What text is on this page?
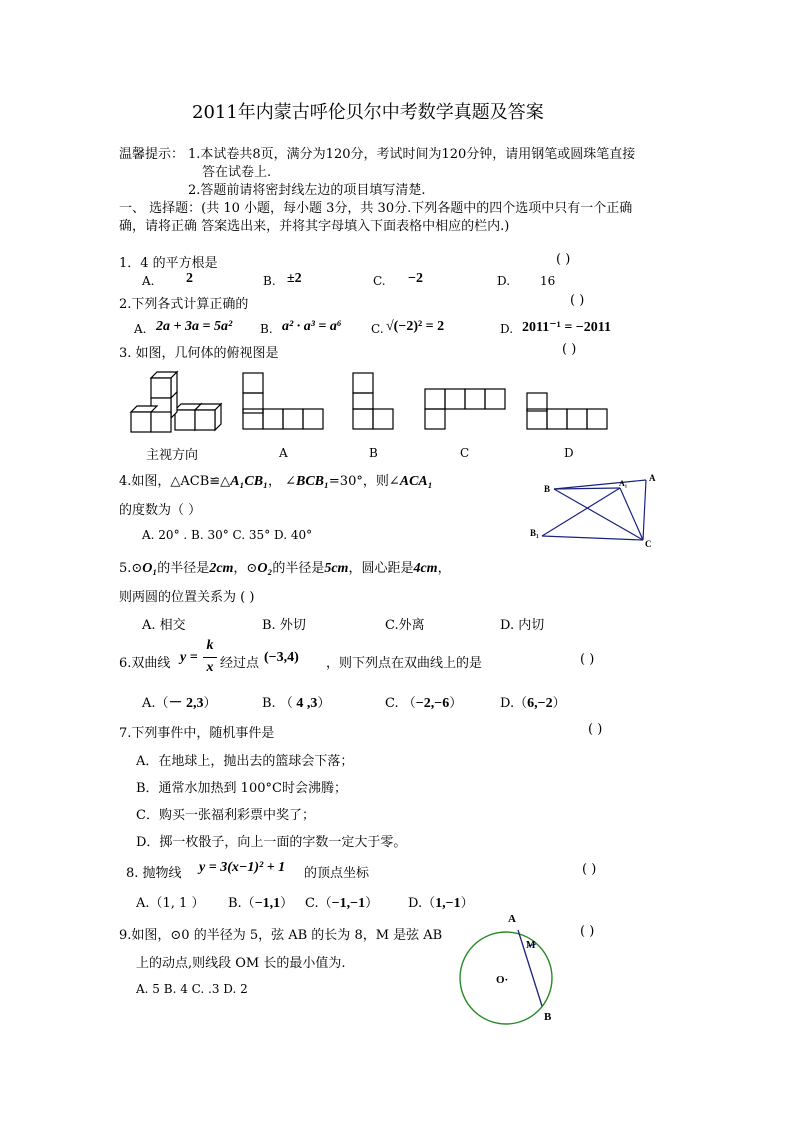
2011年内蒙古呼伦贝尔中考数学真题及答案
温馨提示： 1.本试卷共8页，满分为120分，考试时间为120分钟，请用钢笔或圆珠笔直接
答在试卷上.
2.答题前请将密封线左边的项目填写清楚.
一、 选择题：(共 10 小题，每小题 3分，共 30分.下列各题中的四个选项中只有一个正确
确，请将正确 答案选出来，并将其字母填入下面表格中相应的栏内.)
1．4 的平方根是	( )
A. 2	B. ±2	C. −2	D. 16
2.下列各式计算正确的	( )
A. 2a + 3a = 5a² B. a² · a³ = a⁶ C. √(−2)² = 2	D. 2011⁻¹ = −2011
3. 如图，几何体的俯视图是	( )
主视方向	A	B	C	D
4.如图，△ACB≌△A₁CB₁， ∠BCB₁=30°，则∠ACA₁
的度数为（ ）
A. 20° . B. 30° C. 35° D. 40°
B
A
A₁
B₁
C
5.⊙O₁的半径是2cm，⊙O₂的半径是5cm，圆心距是4cm，
则两圆的位置关系为 ( )
A. 相交	B. 外切	C.外离	D. 内切
6.双曲线 y =
k
x 经过点 (−3,4) ，则下列点在双曲线上的是	( )
A.（－ 2,3）	B. （ 4 ,3）	C. （−2,−6）	D.（6,−2）
7.下列事件中，随机事件是	( )
A．在地球上，抛出去的篮球会下落；
B．通常水加热到 100°C时会沸腾；
C．购买一张福利彩票中奖了；
D．掷一枚骰子，向上一面的字数一定大于零。
8. 抛物线 y = 3(x−1)² + 1 的顶点坐标	( )
A.（1, 1 ） B.（−1,1） C.（−1,−1） D.（1,−1）
9.如图，⊙0 的半径为 5，弦 AB 的长为 8，M 是弦 AB	( )
上的动点,则线段 OM 长的最小值为.
A. 5 B. 4 C. .3 D. 2
A
M
O·
B
